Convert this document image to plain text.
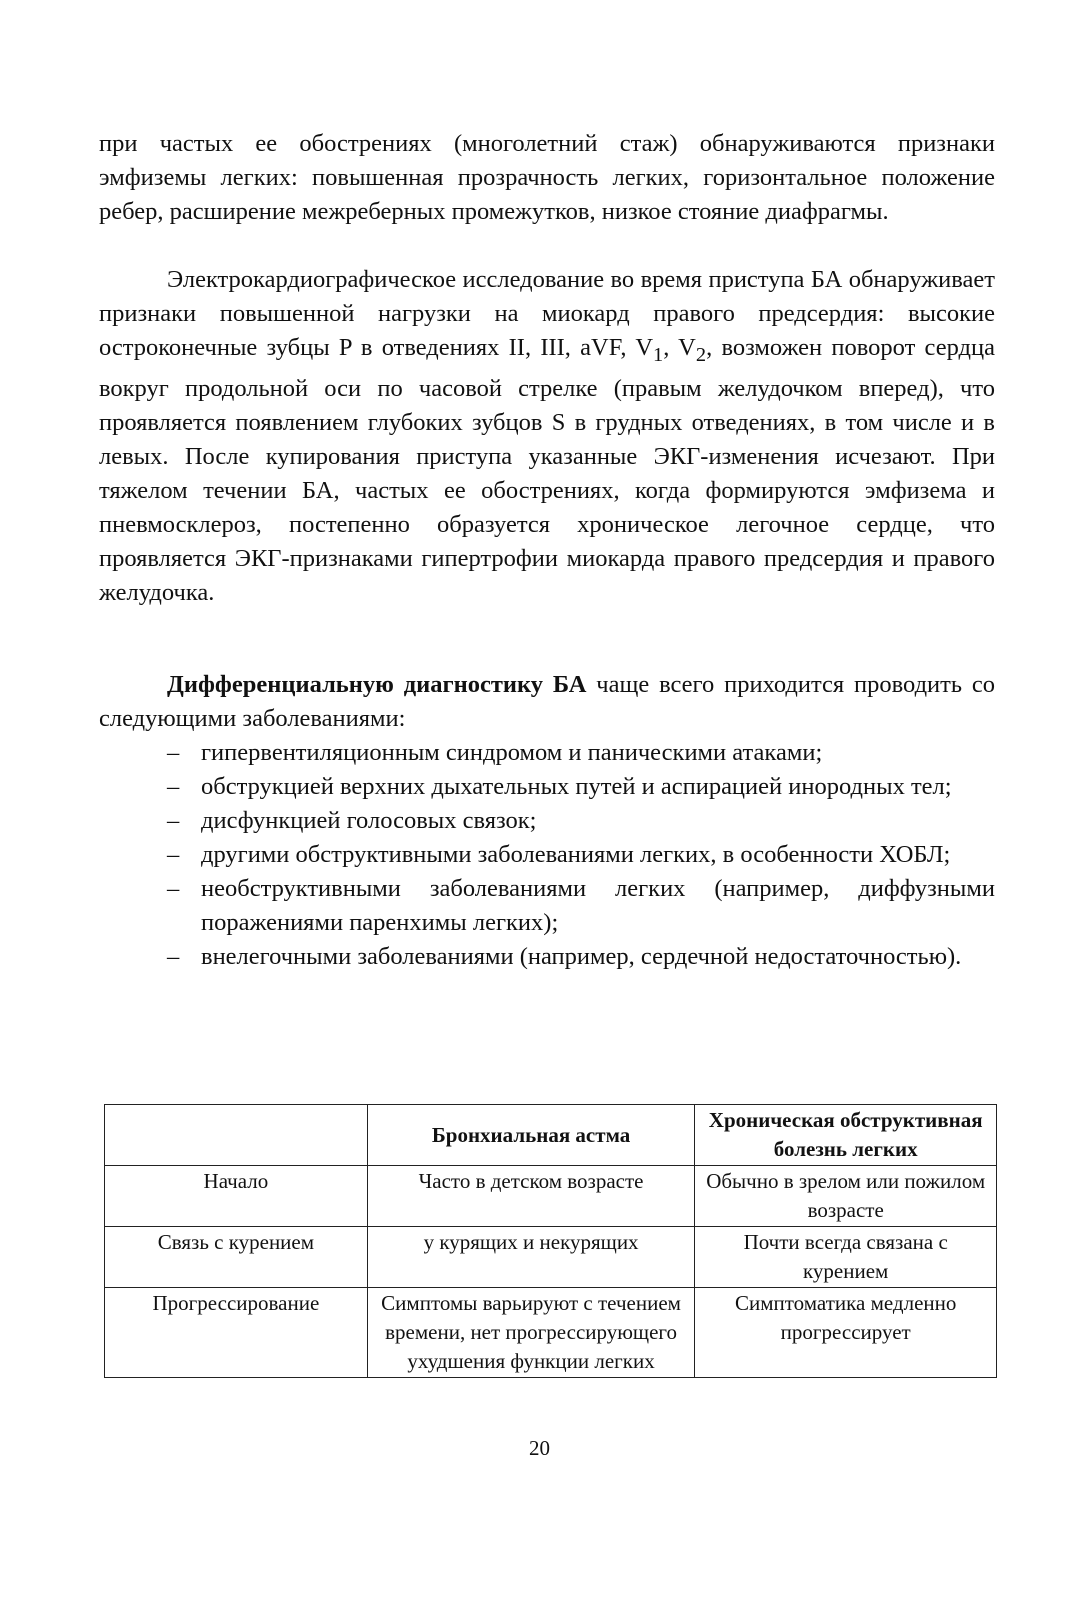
при частых ее обострениях (многолетний стаж) обнаруживаются признаки эмфиземы легких: повышенная прозрачность легких, горизонтальное положение ребер, расширение межреберных промежутков, низкое стояние диафрагмы.

Электрокардиографическое исследование во время приступа БА обнаруживает признаки повышенной нагрузки на миокард правого предсердия: высокие остроконечные зубцы P в отведениях II, III, aVF, $V_1$, $V_2$, возможен поворот сердца вокруг продольной оси по часовой стрелке (правым желудочком вперед), что проявляется появлением глубоких зубцов S в грудных отведениях, в том числе и в левых. После купирования приступа указанные ЭКГ-изменения исчезают. При тяжелом течении БА, частых ее обострениях, когда формируются эмфизема и пневмосклероз, постепенно образуется хроническое легочное сердце, что проявляется ЭКГ-признаками гипертрофии миокарда правого предсердия и правого желудочка.

Дифференциальную диагностику БА чаще всего приходится проводить со следующими заболеваниями:

– гипервентиляционным синдромом и паническими атаками;
– обструкцией верхних дыхательных путей и аспирацией инородных тел;
– дисфункцией голосовых связок;
– другими обструктивными заболеваниями легких, в особенности ХОБЛ;
– необструктивными заболеваниями легких (например, диффузными поражениями паренхимы легких);
– внелегочными заболеваниями (например, сердечной недостаточностью).
	Бронхиальная астма	Хроническая обструктивная болезнь легких
Начало	Часто в детском возрасте	Обычно в зрелом или пожилом возрасте
Связь с курением	у курящих и некурящих	Почти всегда связана с курением
Прогрессирование	Симптомы варьируют с течением времени, нет прогрессирующего ухудшения функции легких	Симптоматика медленно прогрессирует
20
